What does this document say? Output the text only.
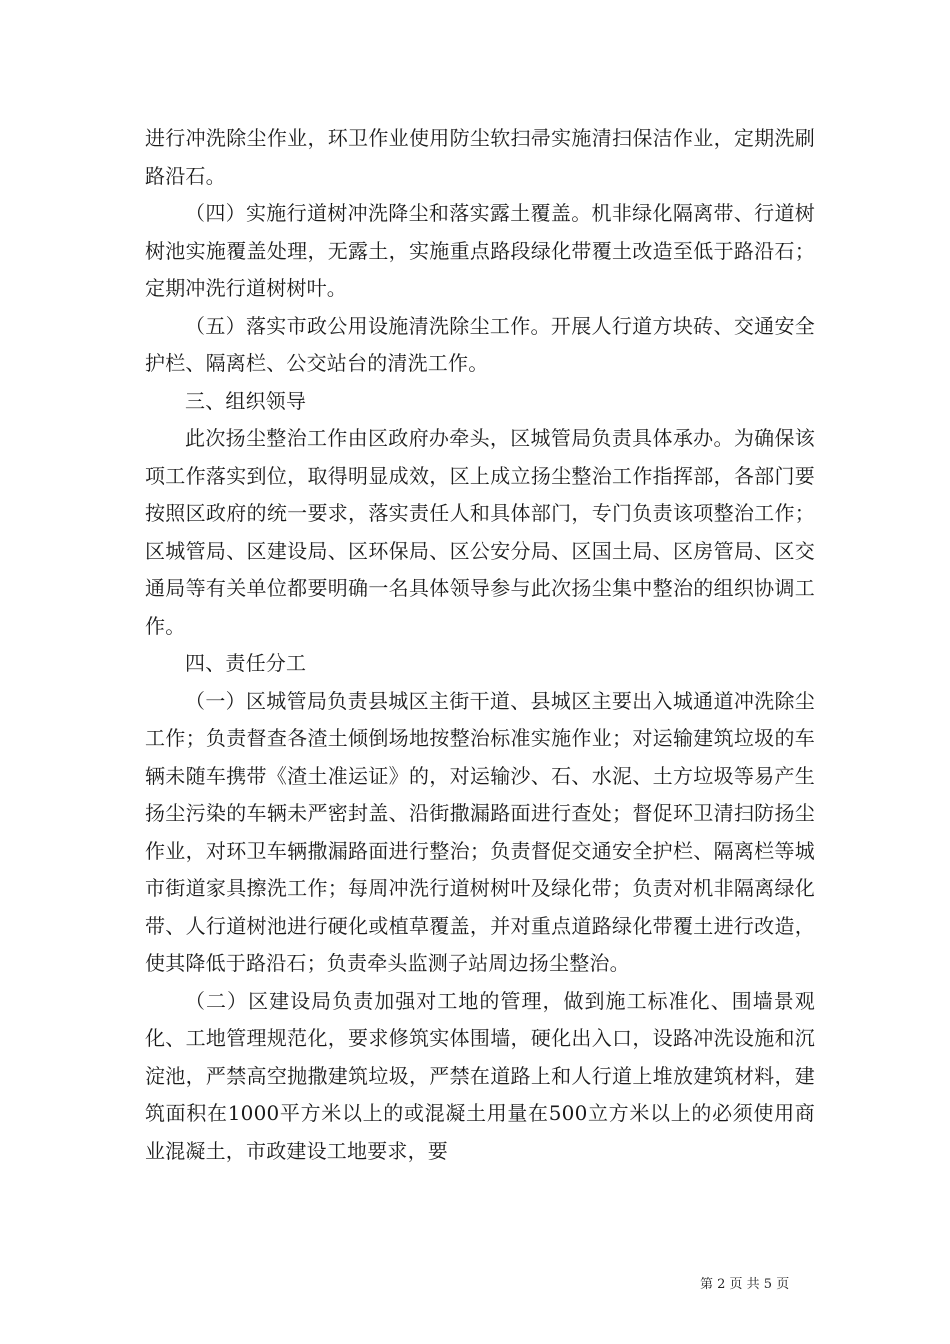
进行冲洗除尘作业，环卫作业使用防尘软扫帚实施清扫保洁作业，定期洗刷路沿石。

（四）实施行道树冲洗降尘和落实露土覆盖。机非绿化隔离带、行道树树池实施覆盖处理，无露土，实施重点路段绿化带覆土改造至低于路沿石；定期冲洗行道树树叶。

（五）落实市政公用设施清洗除尘工作。开展人行道方块砖、交通安全护栏、隔离栏、公交站台的清洗工作。

三、组织领导

此次扬尘整治工作由区政府办牵头，区城管局负责具体承办。为确保该项工作落实到位，取得明显成效，区上成立扬尘整治工作指挥部，各部门要按照区政府的统一要求，落实责任人和具体部门，专门负责该项整治工作；区城管局、区建设局、区环保局、区公安分局、区国土局、区房管局、区交通局等有关单位都要明确一名具体领导参与此次扬尘集中整治的组织协调工作。

四、责任分工

（一）区城管局负责县城区主街干道、县城区主要出入城通道冲洗除尘工作；负责督查各渣土倾倒场地按整治标准实施作业；对运输建筑垃圾的车辆未随车携带《渣土准运证》的，对运输沙、石、水泥、土方垃圾等易产生扬尘污染的车辆未严密封盖、沿街撒漏路面进行查处；督促环卫清扫防扬尘作业，对环卫车辆撒漏路面进行整治；负责督促交通安全护栏、隔离栏等城市街道家具擦洗工作；每周冲洗行道树树叶及绿化带；负责对机非隔离绿化带、人行道树池进行硬化或植草覆盖，并对重点道路绿化带覆土进行改造，使其降低于路沿石；负责牵头监测子站周边扬尘整治。

（二）区建设局负责加强对工地的管理，做到施工标准化、围墙景观化、工地管理规范化，要求修筑实体围墙，硬化出入口，设路冲洗设施和沉淀池，严禁高空抛撒建筑垃圾，严禁在道路上和人行道上堆放建筑材料，建筑面积在1000平方米以上的或混凝土用量在500立方米以上的必须使用商业混凝土，市政建设工地要求，要

第 2 页 共 5 页
